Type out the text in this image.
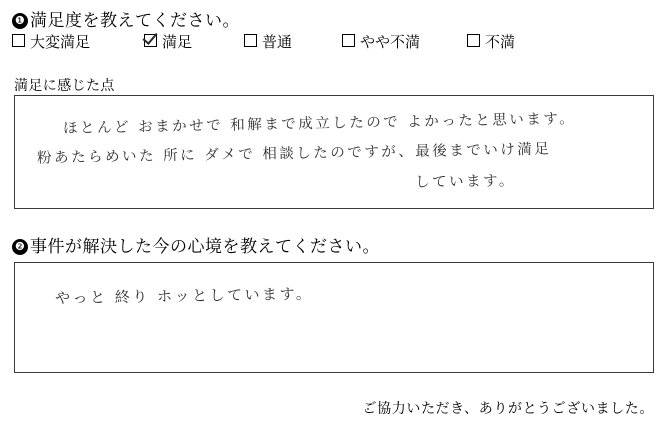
❶ 満足度を教えてください。
大変満足	満足	普通	やや不満	不満
満足に感じた点
ほとんど おまかせで 和解まで成立したので よかったと思います。
粉あたらめいた 所に ダメで 相談したのですが、最後までいけ満足
しています。
❷ 事件が解決した今の心境を教えてください。
やっと 終り ホッとしています。
ご協力いただき、ありがとうございました。
